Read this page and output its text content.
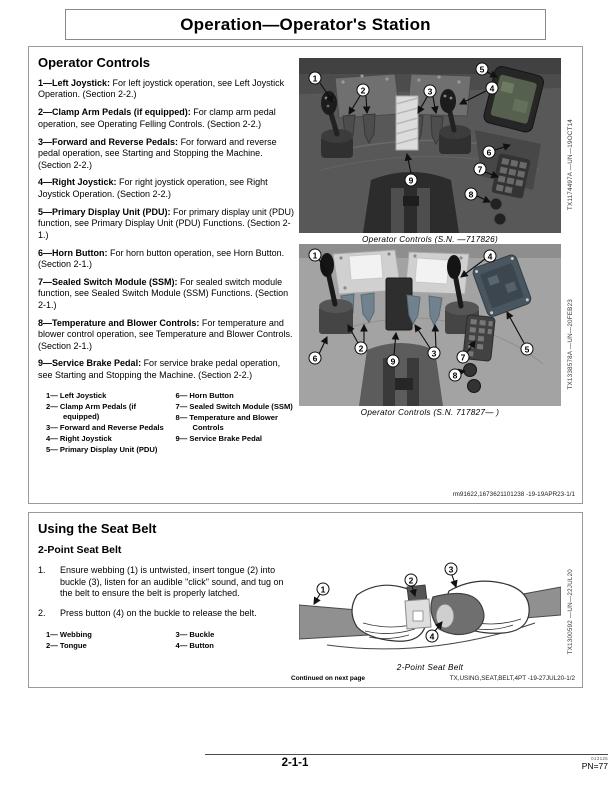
Operation—Operator's Station
Operator Controls

1—Left Joystick: For left joystick operation, see Left Joystick Operation. (Section 2-2.)

2—Clamp Arm Pedals (if equipped): For clamp arm pedal operation, see Operating Felling Controls. (Section 2-2.)

3—Forward and Reverse Pedals: For forward and reverse pedal operation, see Starting and Stopping the Machine. (Section 2-2.)

4—Right Joystick: For right joystick operation, see Right Joystick Operation. (Section 2-2.)

5—Primary Display Unit (PDU): For primary display unit (PDU) function, see Primary Display Unit (PDU) Functions. (Section 2-1.)

6—Horn Button: For horn button operation, see Horn Button. (Section 2-1.)

7—Sealed Switch Module (SSM): For sealed switch module function, see Sealed Switch Module (SSM) Functions. (Section 2-1.)

8—Temperature and Blower Controls: For temperature and blower control operation, see Temperature and Blower Controls. (Section 2-1.)

9—Service Brake Pedal: For service brake pedal operation, see Starting and Stopping the Machine. (Section 2-2.)

1— Left Joystick
2— Clamp Arm Pedals (if equipped)
3— Forward and Reverse Pedals
4— Right Joystick
5— Primary Display Unit (PDU)
6— Horn Button
7— Sealed Switch Module (SSM)
8— Temperature and Blower Controls
9— Service Brake Pedal
1
2	3	4
5
6
7
8
9
Operator Controls (S.N. —717826)
TX1174497A —UN—19OCT14
1
2	3
4
5
6	7
8
9
Operator Controls (S.N. 717827— )
TX1338578A —UN—20FEB23
rm91622,1673621101238 -19-19APR23-1/1
Using the Seat Belt
2-Point Seat Belt
1.	Ensure webbing (1) is untwisted, insert tongue (2) into buckle (3), listen for an audible "click" sound, and tug on the belt to ensure the belt is properly latched.
2.	Press button (4) on the buckle to release the belt.
1— Webbing
2— Tongue
3— Buckle
4— Button
1
2
3
4
2-Point Seat Belt
TX1300592 —UN—22JUL20
Continued on next page	TX,USING,SEAT,BELT,4PT -19-27JUL20-1/2
2-1-1	013125
PN=77
